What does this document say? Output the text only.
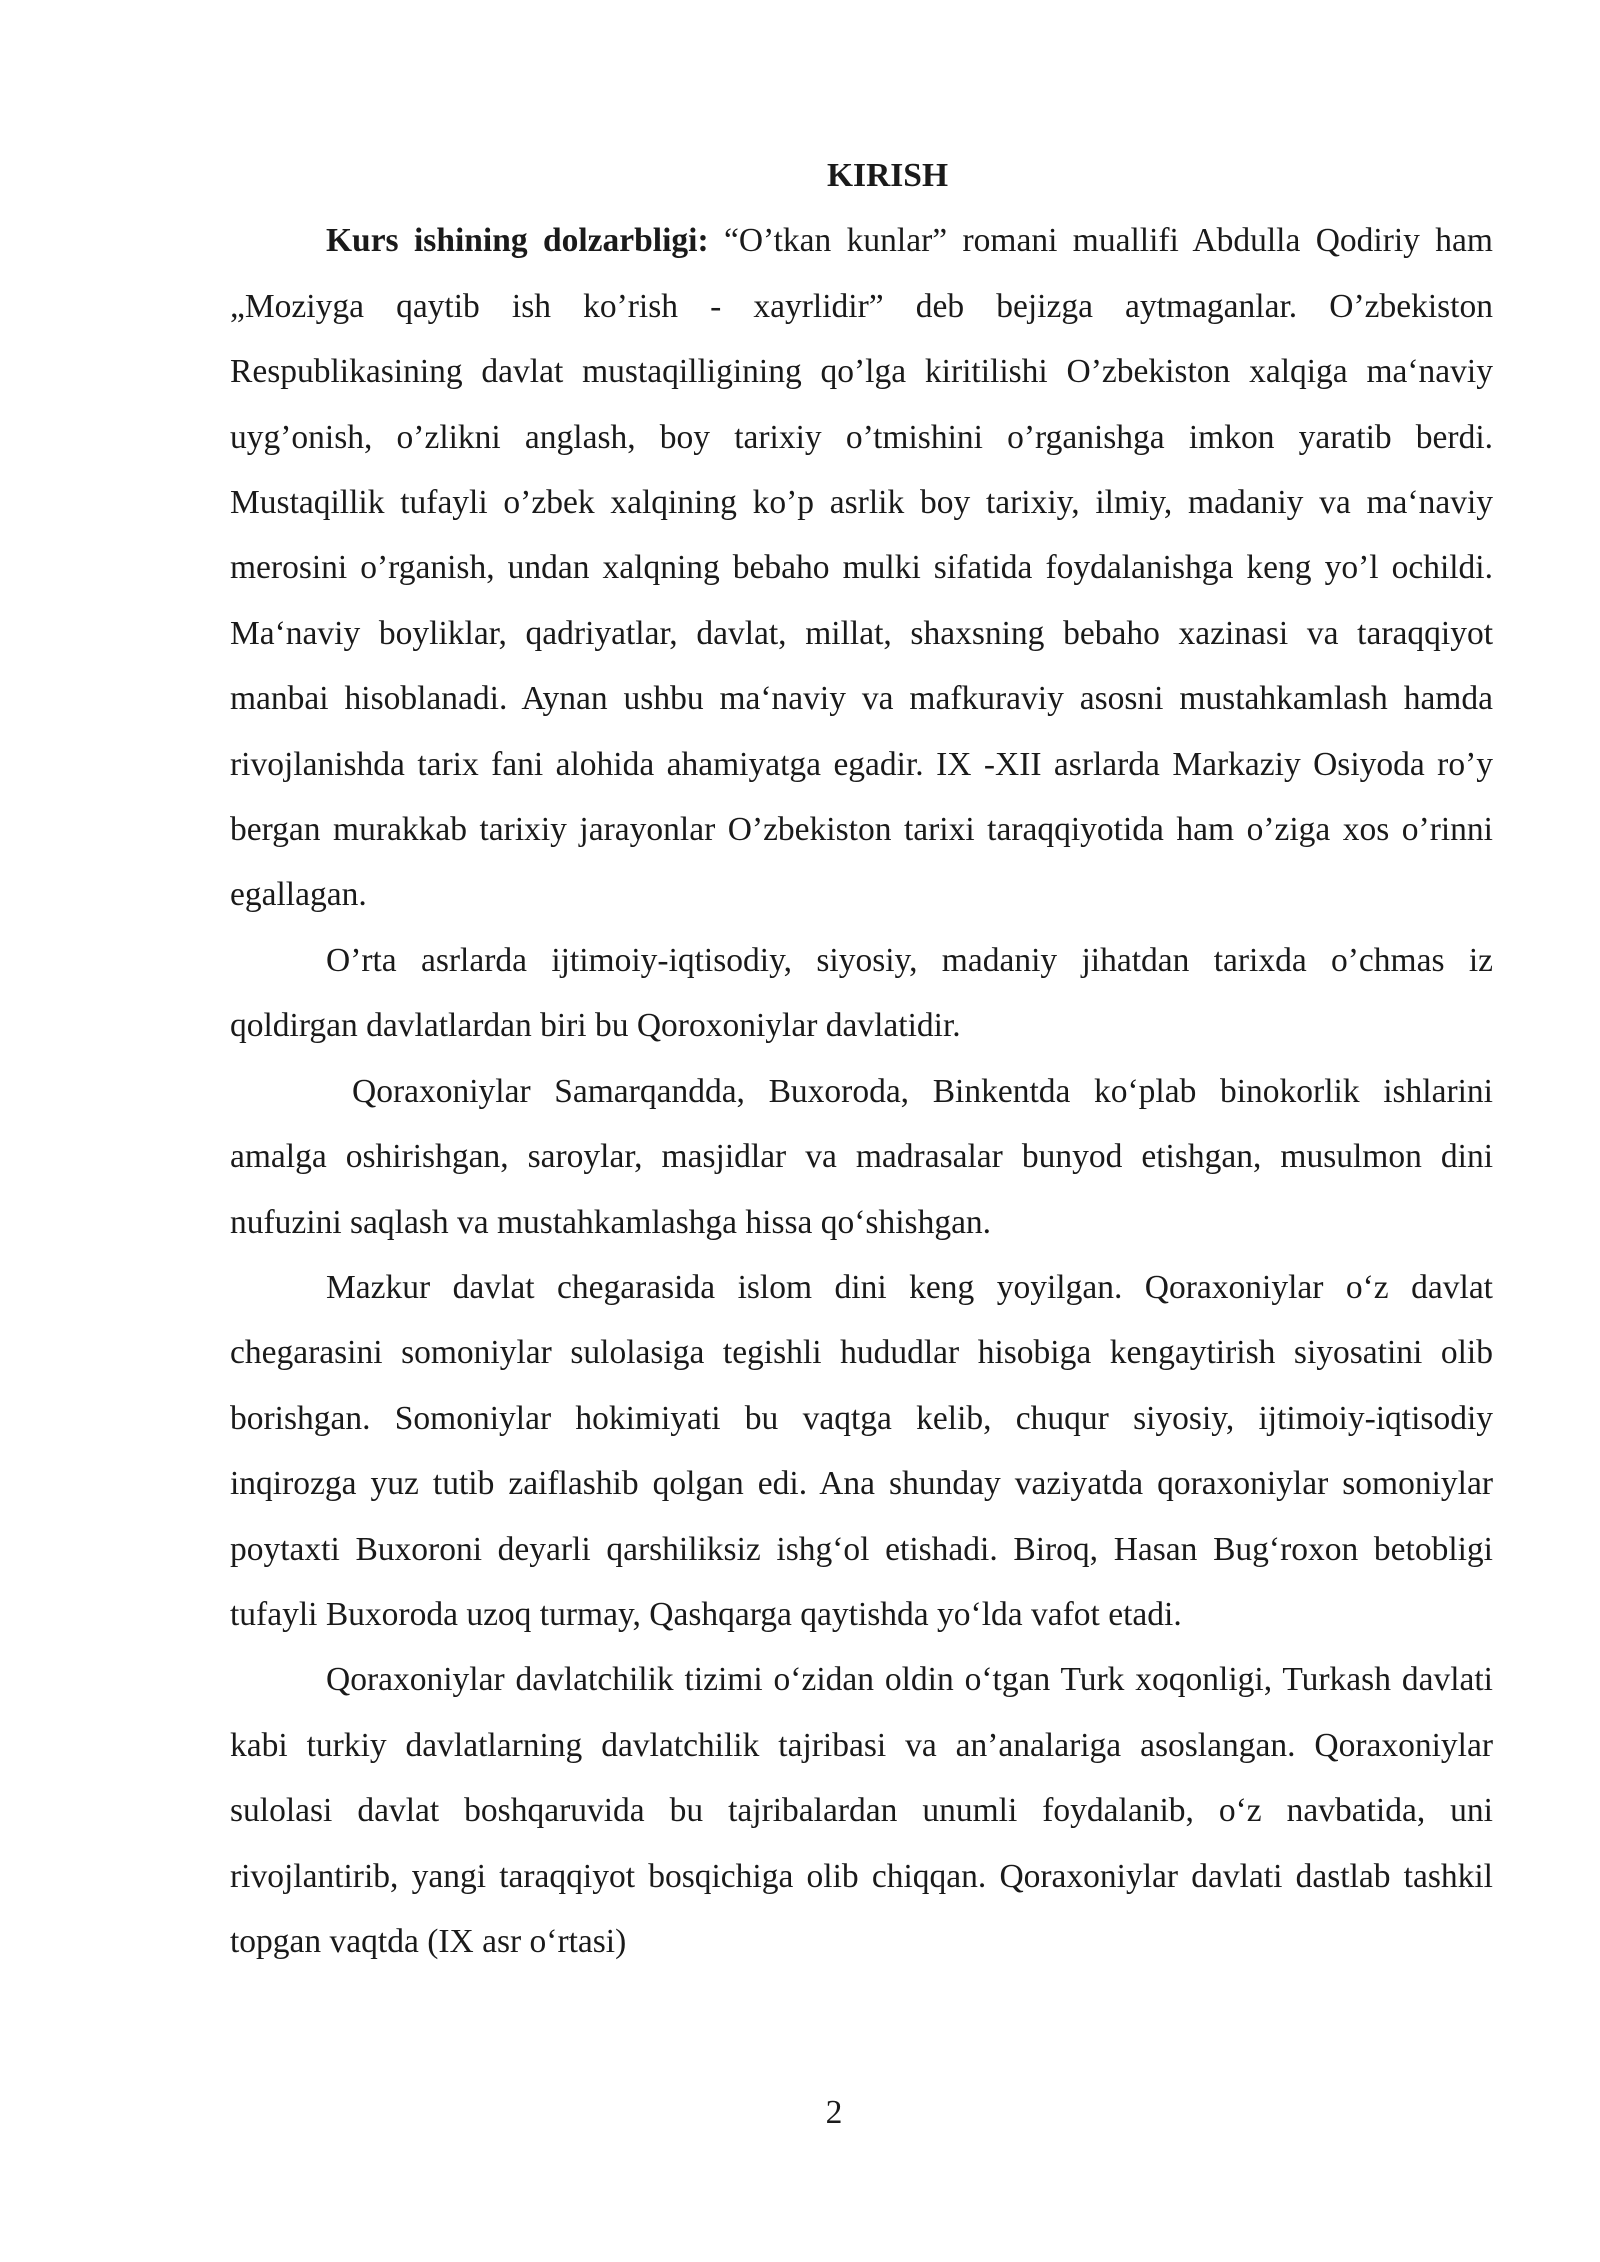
KIRISH

Kurs ishining dolzarbligi: “O’tkan kunlar” romani muallifi Abdulla Qodiriy ham „Moziyga qaytib ish ko’rish - xayrlidir” deb bejizga aytmaganlar. O’zbekiston Respublikasining davlat mustaqilligining qo’lga kiritilishi O’zbekiston xalqiga ma‘naviy uyg’onish, o’zlikni anglash, boy tarixiy o’tmishini o’rganishga imkon yaratib berdi. Mustaqillik tufayli o’zbek xalqining ko’p asrlik boy tarixiy, ilmiy, madaniy va ma‘naviy merosini o’rganish, undan xalqning bebaho mulki sifatida foydalanishga keng yo’l ochildi. Ma‘naviy boyliklar, qadriyatlar, davlat, millat, shaxsning bebaho xazinasi va taraqqiyot manbai hisoblanadi. Aynan ushbu ma‘naviy va mafkuraviy asosni mustahkamlash hamda rivojlanishda tarix fani alohida ahamiyatga egadir. IX -XII asrlarda Markaziy Osiyoda ro’y bergan murakkab tarixiy jarayonlar O’zbekiston tarixi taraqqiyotida ham o’ziga xos o’rinni egallagan.

O’rta asrlarda ijtimoiy-iqtisodiy, siyosiy, madaniy jihatdan tarixda o’chmas iz qoldirgan davlatlardan biri bu Qoroxoniylar davlatidir.

Qoraxoniylar Samarqandda, Buxoroda, Binkentda ko‘plab binokorlik ishlarini amalga oshirishgan, saroylar, masjidlar va madrasalar bunyod etishgan, musulmon dini nufuzini saqlash va mustahkamlashga hissa qo‘shishgan.

Mazkur davlat chegarasida islom dini keng yoyilgan. Qoraxoniylar o‘z davlat chegarasini somoniylar sulolasiga tegishli hududlar hisobiga kengaytirish siyosatini olib borishgan. Somoniylar hokimiyati bu vaqtga kelib, chuqur siyosiy, ijtimoiy-iqtisodiy inqirozga yuz tutib zaiflashib qolgan edi. Ana shunday vaziyatda qoraxoniylar somoniylar poytaxti Buxoroni deyarli qarshiliksiz ishg‘ol etishadi. Biroq, Hasan Bug‘roxon betobligi tufayli Buxoroda uzoq turmay, Qashqarga qaytishda yo‘lda vafot etadi.

Qoraxoniylar davlatchilik tizimi o‘zidan oldin o‘tgan Turk xoqonligi, Turkash davlati kabi turkiy davlatlarning davlatchilik tajribasi va an’analariga asoslangan. Qoraxoniylar sulolasi davlat boshqaruvida bu tajribalardan unumli foydalanib, o‘z navbatida, uni rivojlantirib, yangi taraqqiyot bosqichiga olib chiqqan. Qoraxoniylar davlati dastlab tashkil topgan vaqtda (IX asr o‘rtasi)

2
